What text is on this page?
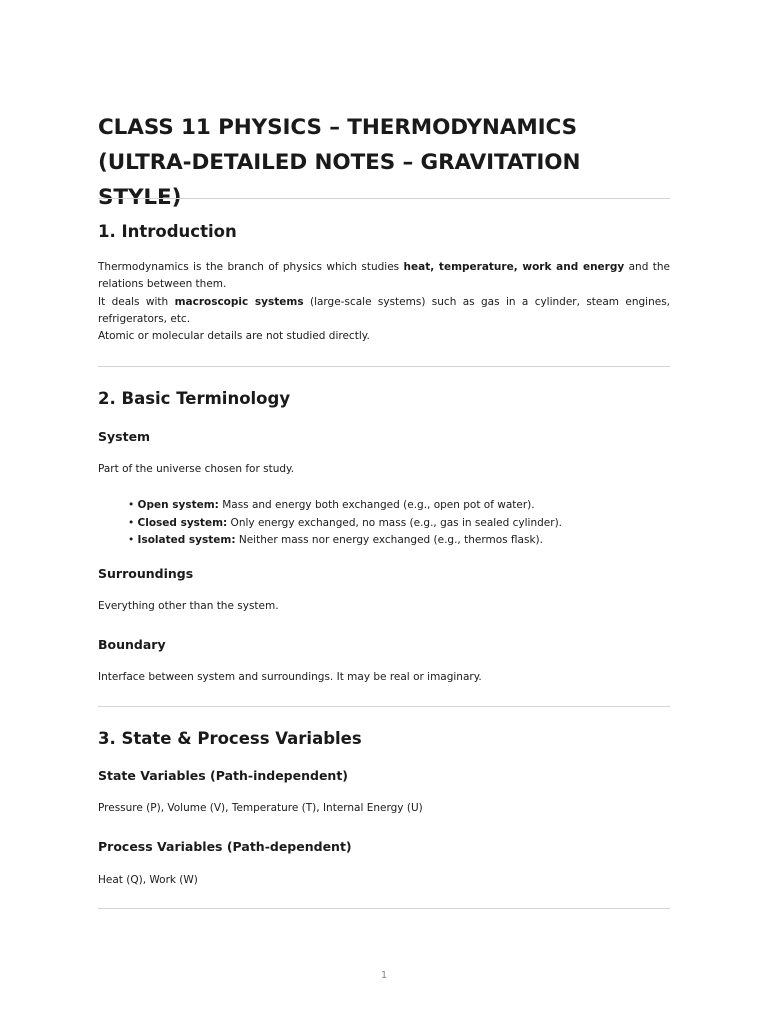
CLASS 11 PHYSICS – THERMODYNAMICS
(ULTRA-DETAILED NOTES – GRAVITATION STYLE)
1. Introduction
Thermodynamics is the branch of physics which studies heat, temperature, work and energy and the relations between them.
It deals with macroscopic systems (large-scale systems) such as gas in a cylinder, steam engines, refrigerators, etc.
Atomic or molecular details are not studied directly.
2. Basic Terminology
System
Part of the universe chosen for study.
• Open system: Mass and energy both exchanged (e.g., open pot of water).
• Closed system: Only energy exchanged, no mass (e.g., gas in sealed cylinder).
• Isolated system: Neither mass nor energy exchanged (e.g., thermos flask).
Surroundings
Everything other than the system.
Boundary
Interface between system and surroundings. It may be real or imaginary.
3. State & Process Variables
State Variables (Path-independent)
Pressure (P), Volume (V), Temperature (T), Internal Energy (U)
Process Variables (Path-dependent)
Heat (Q), Work (W)
1
